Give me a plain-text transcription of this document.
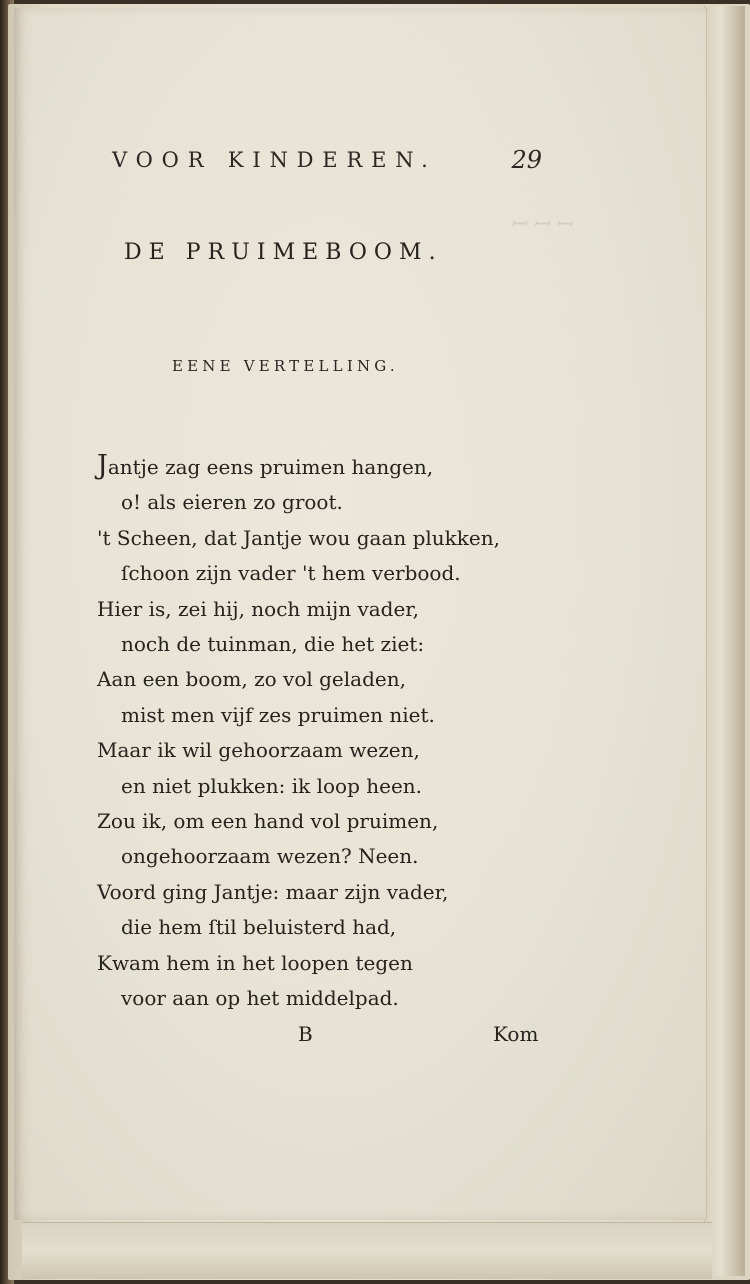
ꟷ ꟷ ꟷ
VOOR KINDEREN.	29
DE PRUIMEBOOM.
EENE VERTELLING.
Jantje zag eens pruimen hangen,
o! als eieren zo groot.
't Scheen, dat Jantje wou gaan plukken,
ſchoon zijn vader 't hem verbood.
Hier is, zei hij, noch mijn vader,
noch de tuinman, die het ziet:
Aan een boom, zo vol geladen,
mist men vijf zes pruimen niet.
Maar ik wil gehoorzaam wezen,
en niet plukken: ik loop heen.
Zou ik, om een hand vol pruimen,
ongehoorzaam wezen? Neen.
Voord ging Jantje: maar zijn vader,
die hem ſtil beluisterd had,
Kwam hem in het loopen tegen
voor aan op het middelpad.
B	Kom
